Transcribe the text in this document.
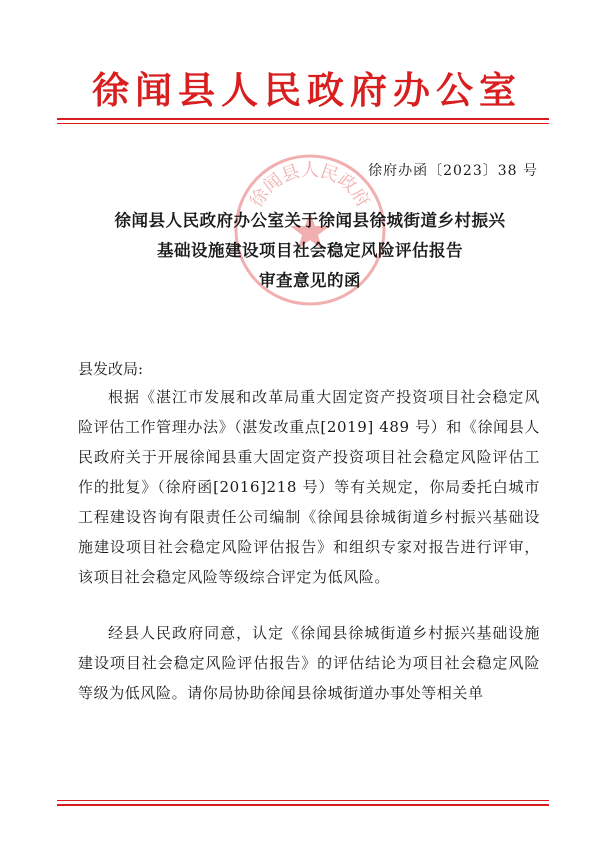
徐闻县人民政府办公室
徐闻县人民政府
徐府办函〔2023〕38 号
徐闻县人民政府办公室关于徐闻县徐城街道乡村振兴
基础设施建设项目社会稳定风险评估报告
审查意见的函
县发改局:
根据《湛江市发展和改革局重大固定资产投资项目社会稳定风险评估工作管理办法》（湛发改重点[2019] 489 号）和《徐闻县人民政府关于开展徐闻县重大固定资产投资项目社会稳定风险评估工作的批复》（徐府函[2016]218 号）等有关规定，你局委托白城市工程建设咨询有限责任公司编制《徐闻县徐城街道乡村振兴基础设施建设项目社会稳定风险评估报告》和组织专家对报告进行评审，该项目社会稳定风险等级综合评定为低风险。
经县人民政府同意，认定《徐闻县徐城街道乡村振兴基础设施建设项目社会稳定风险评估报告》的评估结论为项目社会稳定风险等级为低风险。请你局协助徐闻县徐城街道办事处等相关单
